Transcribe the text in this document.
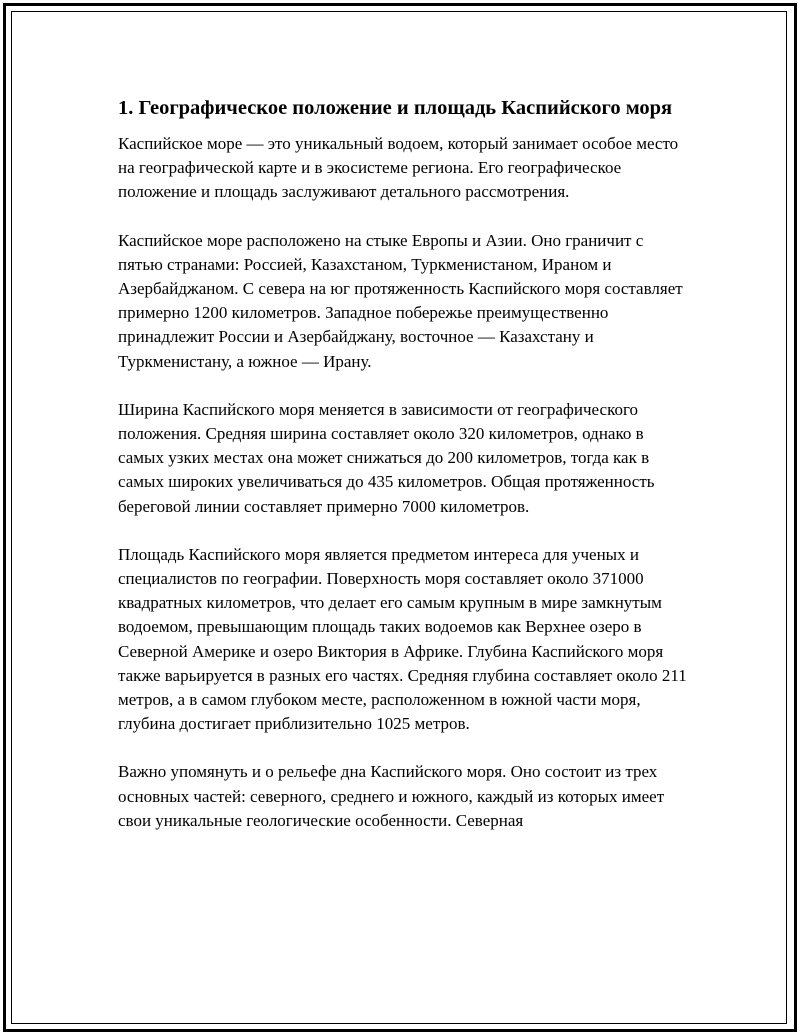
1. Географическое положение и площадь Каспийского моря

Каспийское море — это уникальный водоем, который занимает особое место на географической карте и в экосистеме региона. Его географическое положение и площадь заслуживают детального рассмотрения.

Каспийское море расположено на стыке Европы и Азии. Оно граничит с пятью странами: Россией, Казахстаном, Туркменистаном, Ираном и Азербайджаном. С севера на юг протяженность Каспийского моря составляет примерно 1200 километров. Западное побережье преимущественно принадлежит России и Азербайджану, восточное — Казахстану и Туркменистану, а южное — Ирану.

Ширина Каспийского моря меняется в зависимости от географического положения. Средняя ширина составляет около 320 километров, однако в самых узких местах она может снижаться до 200 километров, тогда как в самых широких увеличиваться до 435 километров. Общая протяженность береговой линии составляет примерно 7000 километров.

Площадь Каспийского моря является предметом интереса для ученых и специалистов по географии. Поверхность моря составляет около 371000 квадратных километров, что делает его самым крупным в мире замкнутым водоемом, превышающим площадь таких водоемов как Верхнее озеро в Северной Америке и озеро Виктория в Африке. Глубина Каспийского моря также варьируется в разных его частях. Средняя глубина составляет около 211 метров, а в самом глубоком месте, расположенном в южной части моря, глубина достигает приблизительно 1025 метров.

Важно упомянуть и о рельефе дна Каспийского моря. Оно состоит из трех основных частей: северного, среднего и южного, каждый из которых имеет свои уникальные геологические особенности. Северная
